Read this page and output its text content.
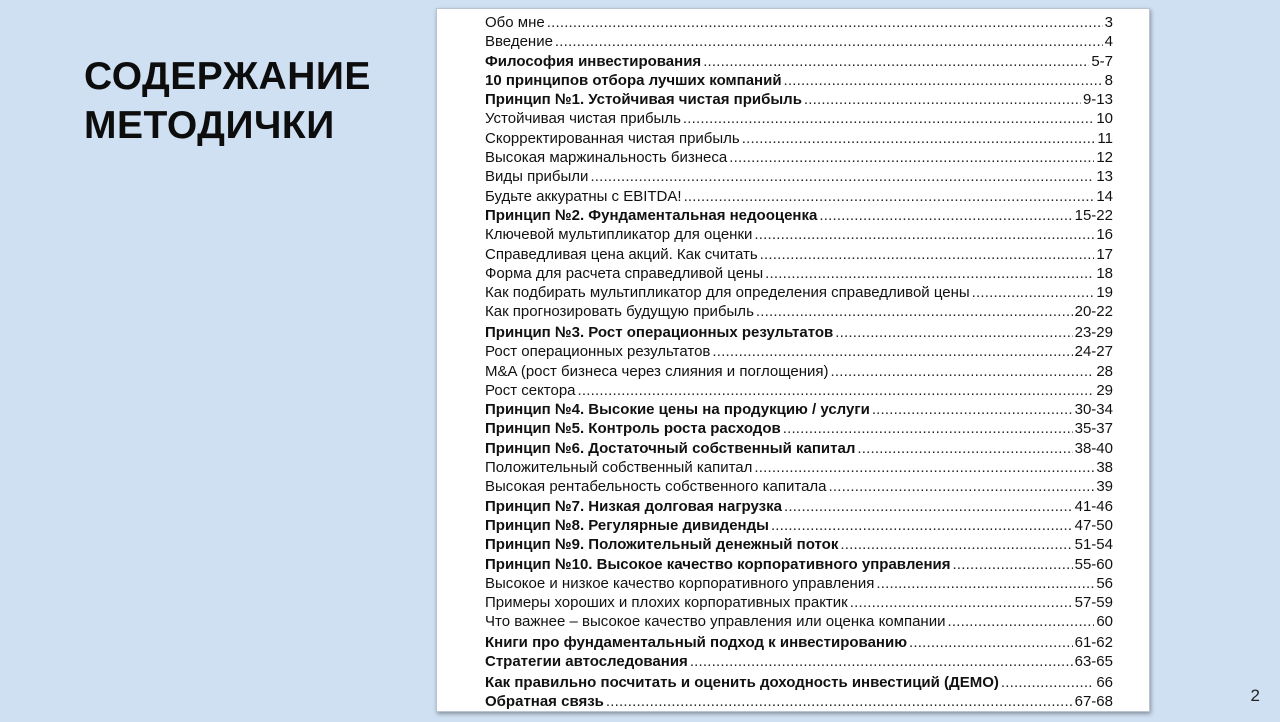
СОДЕРЖАНИЕ
МЕТОДИЧКИ
Обо мне .....	3
Введение .....	4
Философия инвестирования .....	5-7
10 принципов отбора лучших компаний .....	8
Принцип №1. Устойчивая чистая прибыль .....	9-13
Устойчивая чистая прибыль .....	10
Скорректированная чистая прибыль .....	11
Высокая маржинальность бизнеса .....	12
Виды прибыли .....	13
Будьте аккуратны с EBITDA! .....	14
Принцип №2. Фундаментальная недооценка .....	15-22
Ключевой мультипликатор для оценки .....	16
Справедливая цена акций. Как считать .....	17
Форма для расчета справедливой цены .....	18
Как подбирать мультипликатор для определения справедливой цены .....	19
Как прогнозировать будущую прибыль .....	20-22
Принцип №3. Рост операционных результатов .....	23-29
Рост операционных результатов .....	24-27
M&A (рост бизнеса через слияния и поглощения) .....	28
Рост сектора .....	29
Принцип №4. Высокие цены на продукцию / услуги .....	30-34
Принцип №5. Контроль роста расходов .....	35-37
Принцип №6. Достаточный собственный капитал .....	38-40
Положительный собственный капитал .....	38
Высокая рентабельность собственного капитала .....	39
Принцип №7. Низкая долговая нагрузка .....	41-46
Принцип №8. Регулярные дивиденды .....	47-50
Принцип №9. Положительный денежный поток .....	51-54
Принцип №10. Высокое качество корпоративного управления .....	55-60
Высокое и низкое качество корпоративного управления .....	56
Примеры хороших и плохих корпоративных практик .....	57-59
Что важнее – высокое качество управления или оценка компании .....	60
Книги про фундаментальный подход к инвестированию .....	61-62
Стратегии автоследования .....	63-65
Как правильно посчитать и оценить доходность инвестиций (ДЕМО) .....	66
Обратная связь .....	67-68	2
